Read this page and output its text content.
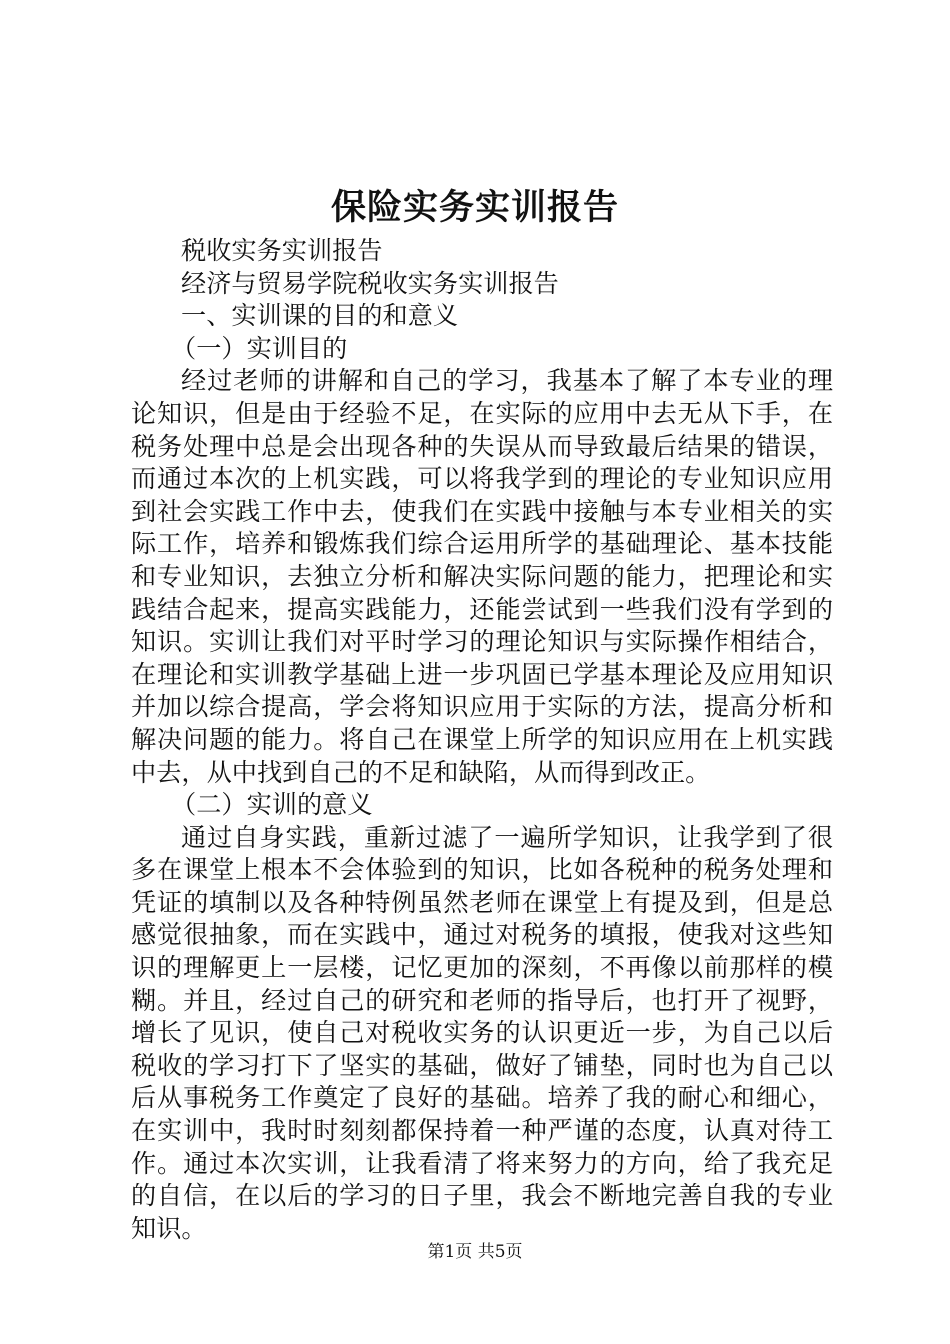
保险实务实训报告
税收实务实训报告
经济与贸易学院税收实务实训报告
一、实训课的目的和意义
（一）实训目的
经过老师的讲解和自己的学习，我基本了解了本专业的理
论知识，但是由于经验不足，在实际的应用中去无从下手，在
税务处理中总是会出现各种的失误从而导致最后结果的错误，
而通过本次的上机实践，可以将我学到的理论的专业知识应用
到社会实践工作中去，使我们在实践中接触与本专业相关的实
际工作，培养和锻炼我们综合运用所学的基础理论、基本技能
和专业知识，去独立分析和解决实际问题的能力，把理论和实
践结合起来，提高实践能力，还能尝试到一些我们没有学到的
知识。实训让我们对平时学习的理论知识与实际操作相结合，
在理论和实训教学基础上进一步巩固已学基本理论及应用知识
并加以综合提高，学会将知识应用于实际的方法，提高分析和
解决问题的能力。将自己在课堂上所学的知识应用在上机实践
中去，从中找到自己的不足和缺陷，从而得到改正。
（二）实训的意义
通过自身实践，重新过滤了一遍所学知识，让我学到了很
多在课堂上根本不会体验到的知识，比如各税种的税务处理和
凭证的填制以及各种特例虽然老师在课堂上有提及到，但是总
感觉很抽象，而在实践中，通过对税务的填报，使我对这些知
识的理解更上一层楼，记忆更加的深刻，不再像以前那样的模
糊。并且，经过自己的研究和老师的指导后，也打开了视野，
增长了见识，使自己对税收实务的认识更近一步，为自己以后
税收的学习打下了坚实的基础，做好了铺垫，同时也为自己以
后从事税务工作奠定了良好的基础。培养了我的耐心和细心，
在实训中，我时时刻刻都保持着一种严谨的态度，认真对待工
作。通过本次实训，让我看清了将来努力的方向，给了我充足
的自信，在以后的学习的日子里，我会不断地完善自我的专业
知识。
第1页 共5页
